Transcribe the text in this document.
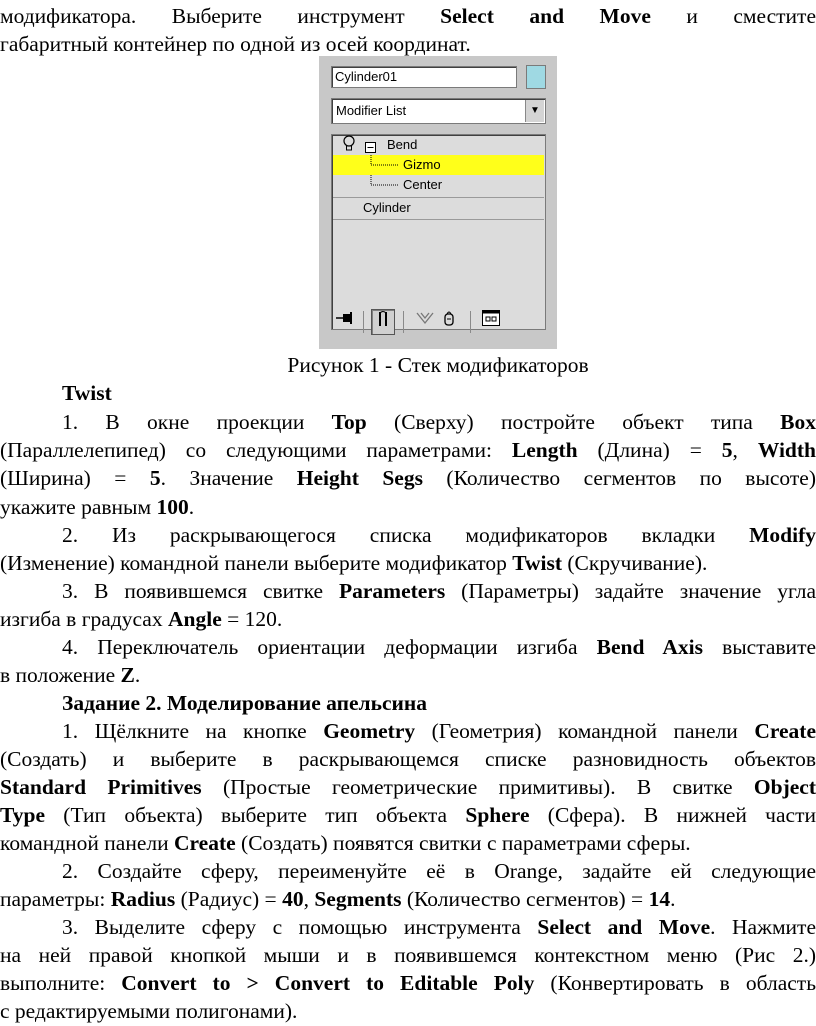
модификатора. Выберите инструмент Select and Move и сместите
габаритный контейнер по одной из осей координат.
Cylinder01
Modifier List	▼
Bend
Gizmo
Center
Cylinder
Рисунок 1 - Стек модификаторов
Twist
1. В окне проекции Top (Сверху) постройте объект типа Box
(Параллелепипед) со следующими параметрами: Length (Длина) = 5, Width
(Ширина) = 5. Значение Height Segs (Количество сегментов по высоте)
укажите равным 100.
2. Из раскрывающегося списка модификаторов вкладки Modify
(Изменение) командной панели выберите модификатор Twist (Скручивание).
3. В появившемся свитке Parameters (Параметры) задайте значение угла
изгиба в градусах Angle = 120.
4. Переключатель ориентации деформации изгиба Bend Axis выставите
в положение Z.
Задание 2. Моделирование апельсина
1. Щёлкните на кнопке Geometry (Геометрия) командной панели Create
(Создать) и выберите в раскрывающемся списке разновидность объектов
Standard Primitives (Простые геометрические примитивы). В свитке Object
Type (Тип объекта) выберите тип объекта Sphere (Сфера). В нижней части
командной панели Create (Создать) появятся свитки с параметрами сферы.
2. Создайте сферу, переименуйте её в Orange, задайте ей следующие
параметры: Radius (Радиус) = 40, Segments (Количество сегментов) = 14.
3. Выделите сферу с помощью инструмента Select and Move. Нажмите
на ней правой кнопкой мыши и в появившемся контекстном меню (Рис 2.)
выполните: Convert to > Convert to Editable Poly (Конвертировать в область
с редактируемыми полигонами).
